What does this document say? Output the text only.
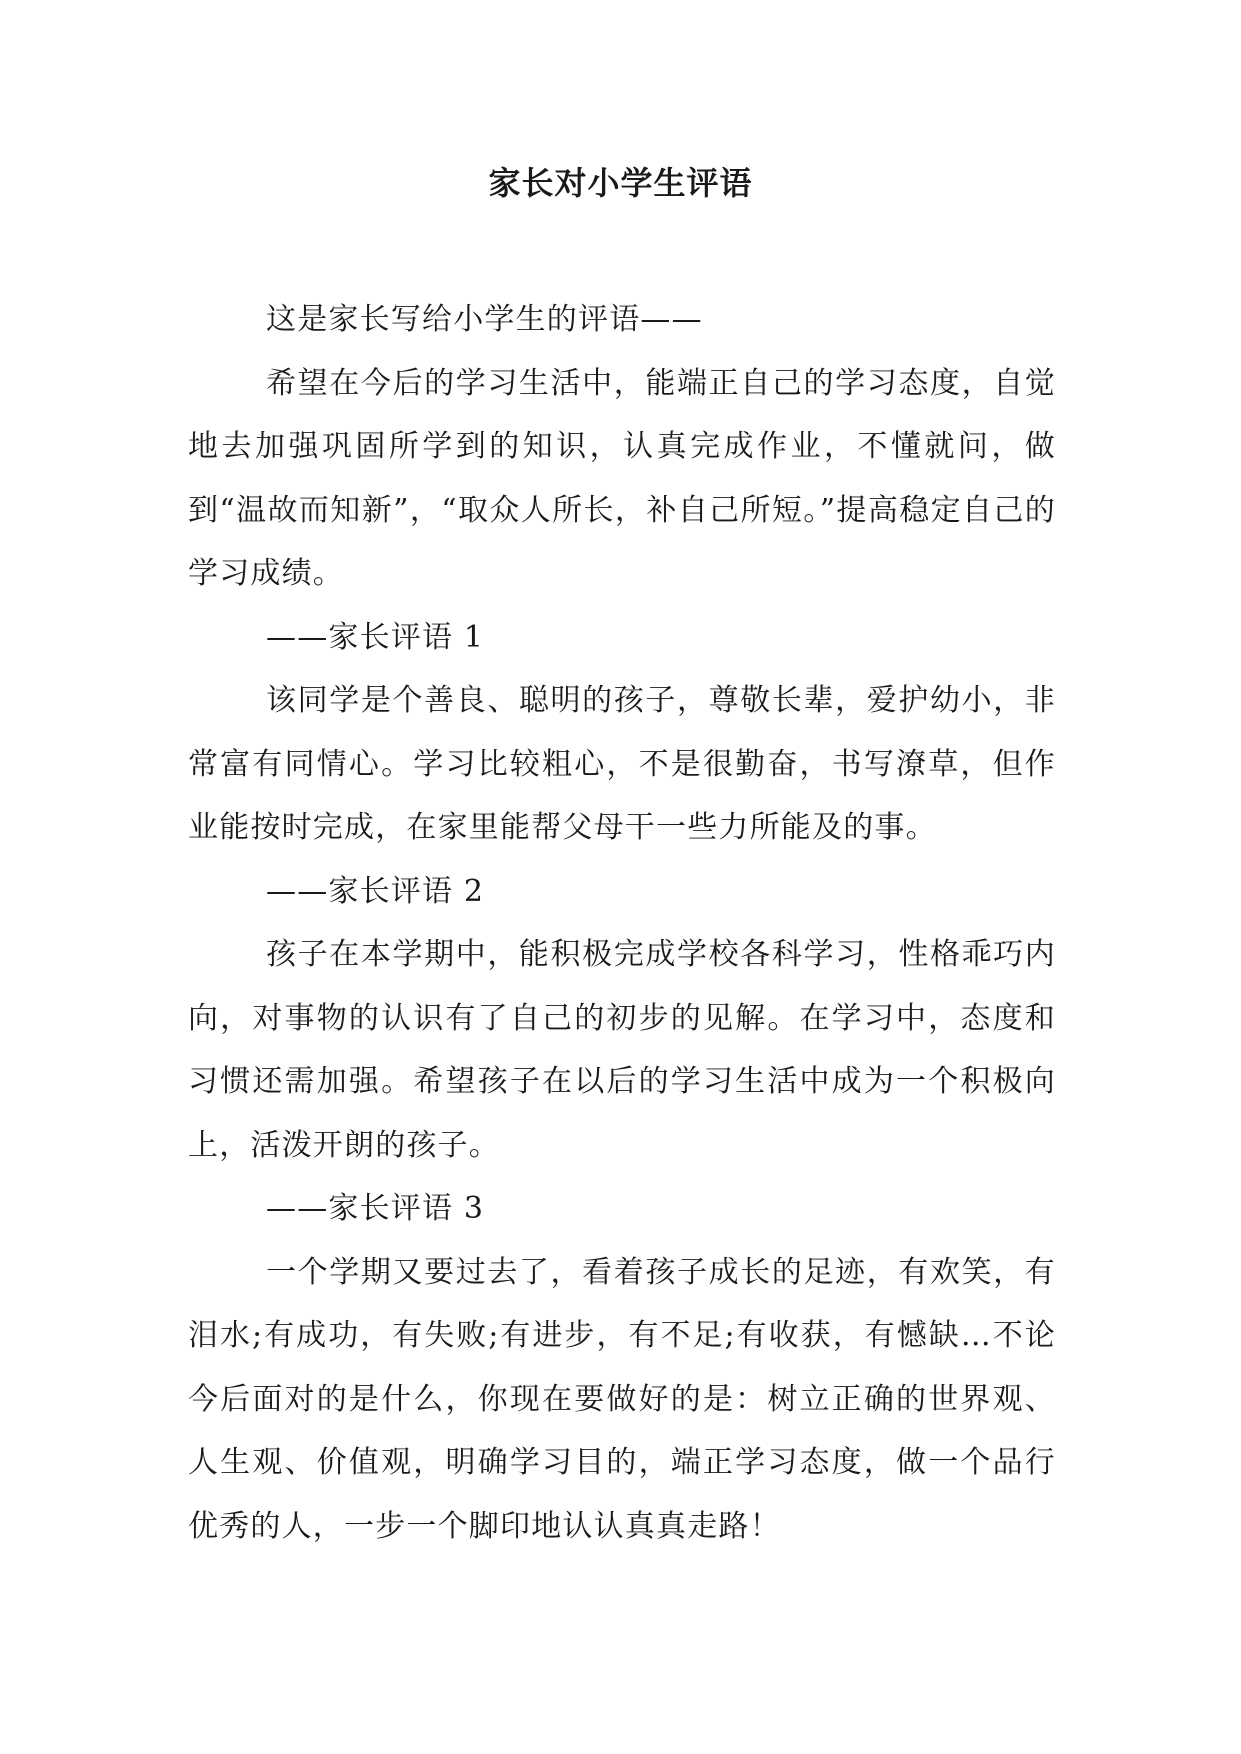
家长对小学生评语

这是家长写给小学生的评语——

希望在今后的学习生活中，能端正自己的学习态度，自觉地去加强巩固所学到的知识，认真完成作业，不懂就问，做到“温故而知新”，“取众人所长，补自己所短。”提高稳定自己的学习成绩。

——家长评语 1

该同学是个善良、聪明的孩子，尊敬长辈，爱护幼小，非常富有同情心。学习比较粗心，不是很勤奋，书写潦草，但作业能按时完成，在家里能帮父母干一些力所能及的事。

——家长评语 2

孩子在本学期中，能积极完成学校各科学习，性格乖巧内向，对事物的认识有了自己的初步的见解。在学习中，态度和习惯还需加强。希望孩子在以后的学习生活中成为一个积极向上，活泼开朗的孩子。

——家长评语 3

一个学期又要过去了，看着孩子成长的足迹，有欢笑，有泪水;有成功，有失败;有进步，有不足;有收获，有憾缺…不论今后面对的是什么，你现在要做好的是：树立正确的世界观、人生观、价值观，明确学习目的，端正学习态度，做一个品行优秀的人，一步一个脚印地认认真真走路！
